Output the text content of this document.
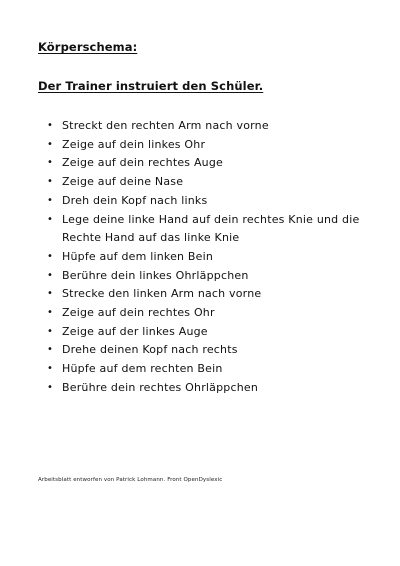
Körperschema:
Der Trainer instruiert den Schüler.
• Streckt den rechten Arm nach vorne
• Zeige auf dein linkes Ohr
• Zeige auf dein rechtes Auge
• Zeige auf deine Nase
• Dreh dein Kopf nach links
• Lege deine linke Hand auf dein rechtes Knie und die
Rechte Hand auf das linke Knie
• Hüpfe auf dem linken Bein
• Berühre dein linkes Ohrläppchen
• Strecke den linken Arm nach vorne
• Zeige auf dein rechtes Ohr
• Zeige auf der linkes Auge
• Drehe deinen Kopf nach rechts
• Hüpfe auf dem rechten Bein
• Berühre dein rechtes Ohrläppchen
Arbeitsblatt entworfen von Patrick Lohmann. Front OpenDyslexic
